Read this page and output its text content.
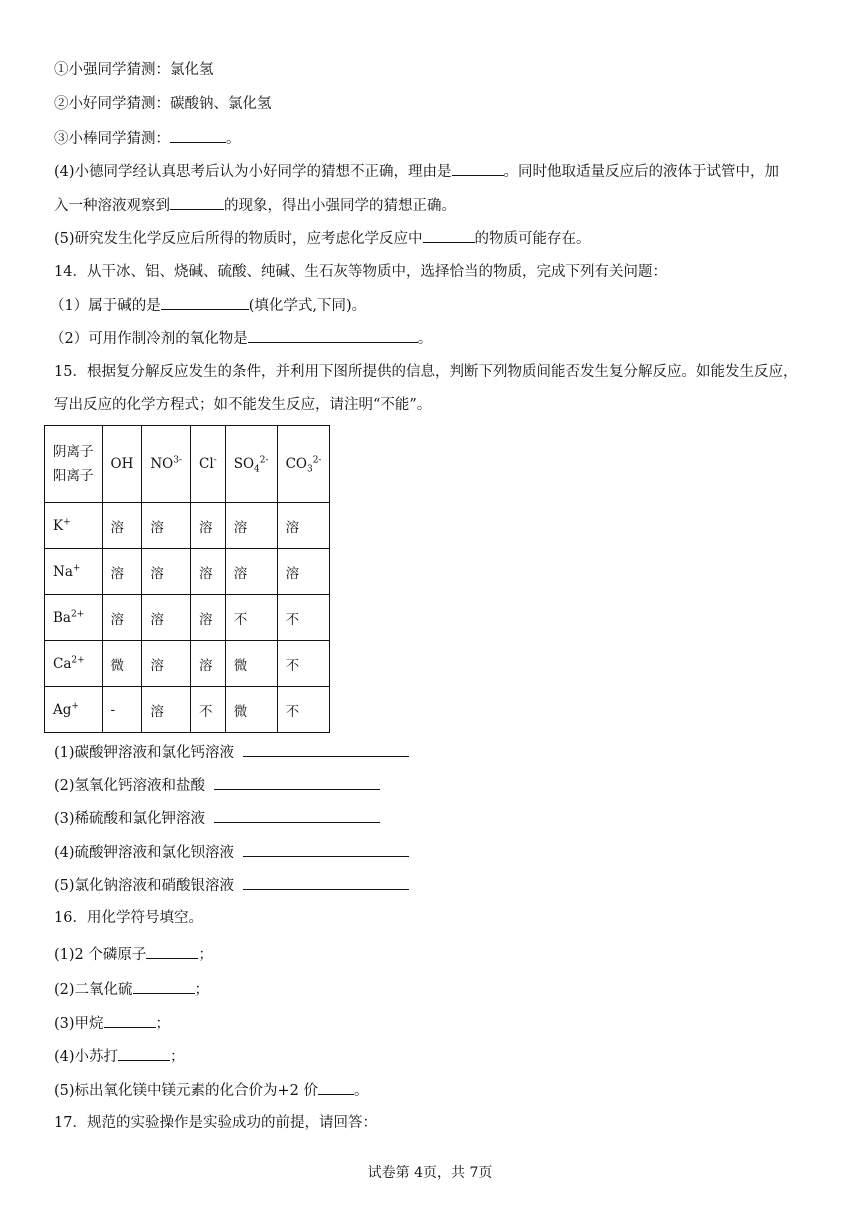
①小强同学猜测：氯化氢
②小好同学猜测：碳酸钠、氯化氢
③小棒同学猜测：	。
(4)小德同学经认真思考后认为小好同学的猜想不正确，理由是	。同时他取适量反应后的液体于试管中，加
入一种溶液观察到	的现象，得出小强同学的猜想正确。
(5)研究发生化学反应后所得的物质时，应考虑化学反应中	的物质可能存在。
14．从干冰、铝、烧碱、硫酸、纯碱、生石灰等物质中，选择恰当的物质，完成下列有关问题：
（1）属于碱的是	(填化学式,下同)。
（2）可用作制冷剂的氧化物是	。
15．根据复分解反应发生的条件，并利用下图所提供的信息，判断下列物质间能否发生复分解反应。如能发生反应，
写出反应的化学方程式；如不能发生反应，请注明“不能”。
阴离子
阳离子	OH	$NO^{3-}$	Cl-	$SO_4^{2-}$	$CO_3^{2-}$
K+	溶	溶	溶	溶	溶
Na+	溶	溶	溶	溶	溶
$Ba^{2+}$	溶	溶	溶	不	不
$Ca^{2+}$	微	溶	溶	微	不
Ag+	-	溶	不	微	不
(1)碳酸钾溶液和氯化钙溶液
(2)氢氧化钙溶液和盐酸
(3)稀硫酸和氯化钾溶液
(4)硫酸钾溶液和氯化钡溶液
(5)氯化钠溶液和硝酸银溶液
16．用化学符号填空。
(1)2 个磷原子	；
(2)二氧化硫	；
(3)甲烷	；
(4)小苏打	；
(5)标出氧化镁中镁元素的化合价为+2 价 。
17．规范的实验操作是实验成功的前提，请回答：
试卷第 4页，共 7页
